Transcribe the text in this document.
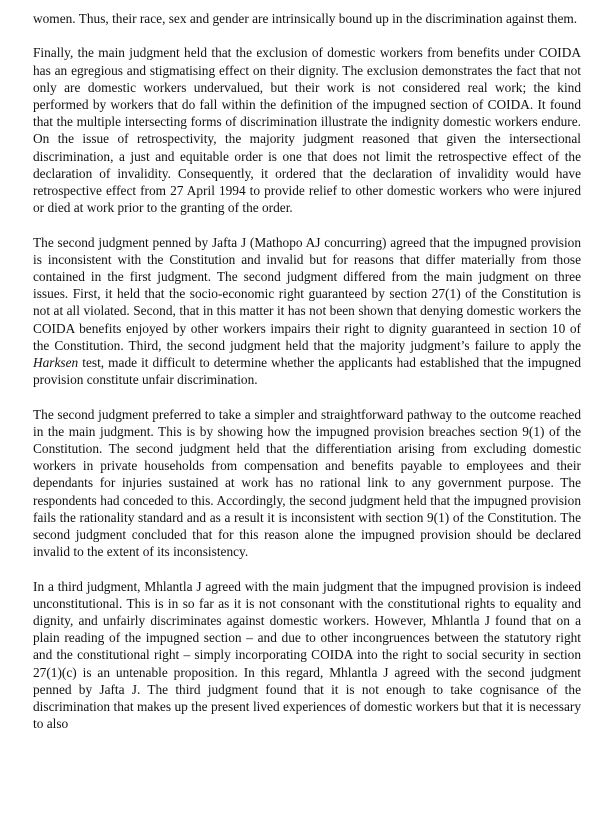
women. Thus, their race, sex and gender are intrinsically bound up in the discrimination against them.

Finally, the main judgment held that the exclusion of domestic workers from benefits under COIDA has an egregious and stigmatising effect on their dignity. The exclusion demonstrates the fact that not only are domestic workers undervalued, but their work is not considered real work; the kind performed by workers that do fall within the definition of the impugned section of COIDA. It found that the multiple intersecting forms of discrimination illustrate the indignity domestic workers endure. On the issue of retrospectivity, the majority judgment reasoned that given the intersectional discrimination, a just and equitable order is one that does not limit the retrospective effect of the declaration of invalidity. Consequently, it ordered that the declaration of invalidity would have retrospective effect from 27 April 1994 to provide relief to other domestic workers who were injured or died at work prior to the granting of the order.

The second judgment penned by Jafta J (Mathopo AJ concurring) agreed that the impugned provision is inconsistent with the Constitution and invalid but for reasons that differ materially from those contained in the first judgment. The second judgment differed from the main judgment on three issues. First, it held that the socio-economic right guaranteed by section 27(1) of the Constitution is not at all violated. Second, that in this matter it has not been shown that denying domestic workers the COIDA benefits enjoyed by other workers impairs their right to dignity guaranteed in section 10 of the Constitution. Third, the second judgment held that the majority judgment’s failure to apply the Harksen test, made it difficult to determine whether the applicants had established that the impugned provision constitute unfair discrimination.

The second judgment preferred to take a simpler and straightforward pathway to the outcome reached in the main judgment. This is by showing how the impugned provision breaches section 9(1) of the Constitution. The second judgment held that the differentiation arising from excluding domestic workers in private households from compensation and benefits payable to employees and their dependants for injuries sustained at work has no rational link to any government purpose. The respondents had conceded to this. Accordingly, the second judgment held that the impugned provision fails the rationality standard and as a result it is inconsistent with section 9(1) of the Constitution. The second judgment concluded that for this reason alone the impugned provision should be declared invalid to the extent of its inconsistency.

In a third judgment, Mhlantla J agreed with the main judgment that the impugned provision is indeed unconstitutional. This is in so far as it is not consonant with the constitutional rights to equality and dignity, and unfairly discriminates against domestic workers. However, Mhlantla J found that on a plain reading of the impugned section – and due to other incongruences between the statutory right and the constitutional right – simply incorporating COIDA into the right to social security in section 27(1)(c) is an untenable proposition. In this regard, Mhlantla J agreed with the second judgment penned by Jafta J. The third judgment found that it is not enough to take cognisance of the discrimination that makes up the present lived experiences of domestic workers but that it is necessary to also
